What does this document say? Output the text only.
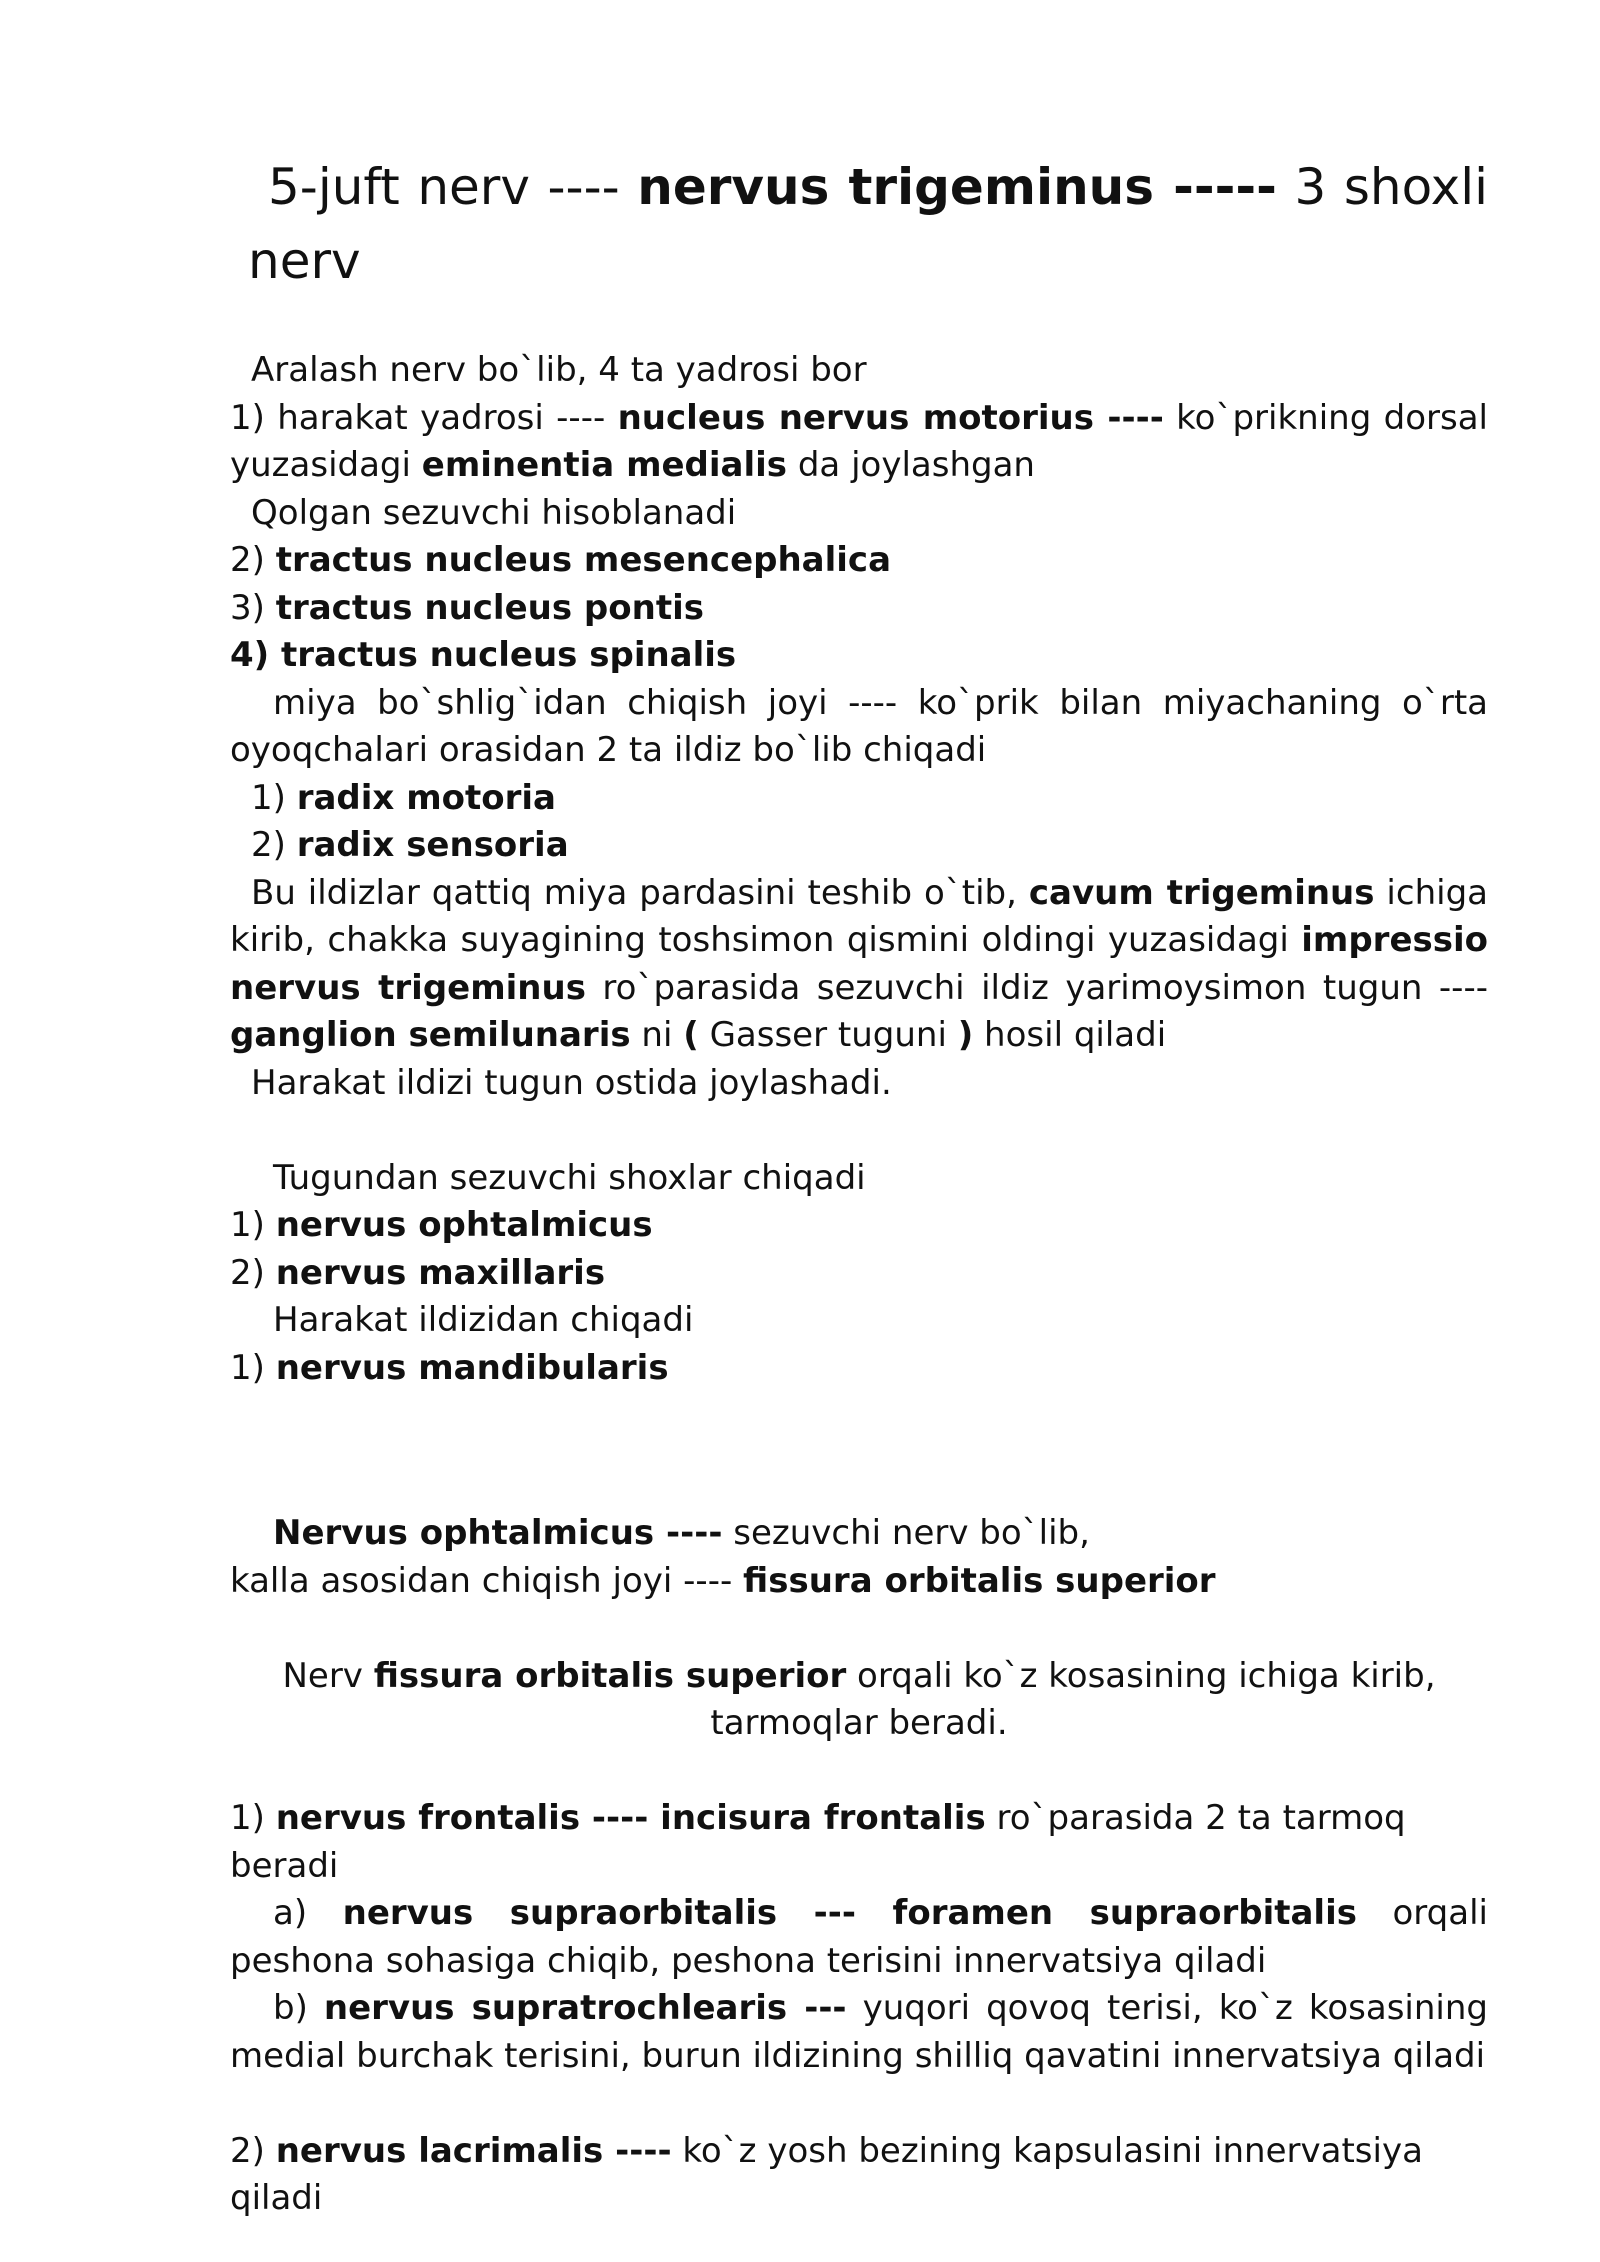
5-juft nerv ---- nervus trigeminus ----- 3 shoxli
nerv

Aralash nerv bo`lib, 4 ta yadrosi bor

1) harakat yadrosi ---- nucleus nervus motorius ---- ko`prikning dorsal yuzasidagi eminentia medialis da joylashgan

Qolgan sezuvchi hisoblanadi

2) tractus nucleus mesencephalica

3) tractus nucleus pontis

4) tractus nucleus spinalis

miya bo`shlig`idan chiqish joyi ---- ko`prik bilan miyachaning o`rta oyoqchalari orasidan 2 ta ildiz bo`lib chiqadi

1) radix motoria

2) radix sensoria

Bu ildizlar qattiq miya pardasini teshib o`tib, cavum trigeminus ichiga kirib, chakka suyagining toshsimon qismini oldingi yuzasidagi impressio nervus trigeminus ro`parasida sezuvchi ildiz yarimoysimon tugun ---- ganglion semilunaris ni ( Gasser tuguni ) hosil qiladi

Harakat ildizi tugun ostida joylashadi.

Tugundan sezuvchi shoxlar chiqadi

1) nervus ophtalmicus

2) nervus maxillaris

Harakat ildizidan chiqadi

1) nervus mandibularis

Nervus ophtalmicus ---- sezuvchi nerv bo`lib,

kalla asosidan chiqish joyi ---- fissura orbitalis superior

Nerv fissura orbitalis superior orqali ko`z kosasining ichiga kirib,

tarmoqlar beradi.

1) nervus frontalis ---- incisura frontalis ro`parasida 2 ta tarmoq beradi

a) nervus supraorbitalis --- foramen supraorbitalis orqali peshona sohasiga chiqib, peshona terisini innervatsiya qiladi

b) nervus supratrochlearis --- yuqori qovoq terisi, ko`z kosasining medial burchak terisini, burun ildizining shilliq qavatini innervatsiya qiladi

2) nervus lacrimalis ---- ko`z yosh bezining kapsulasini innervatsiya qiladi
